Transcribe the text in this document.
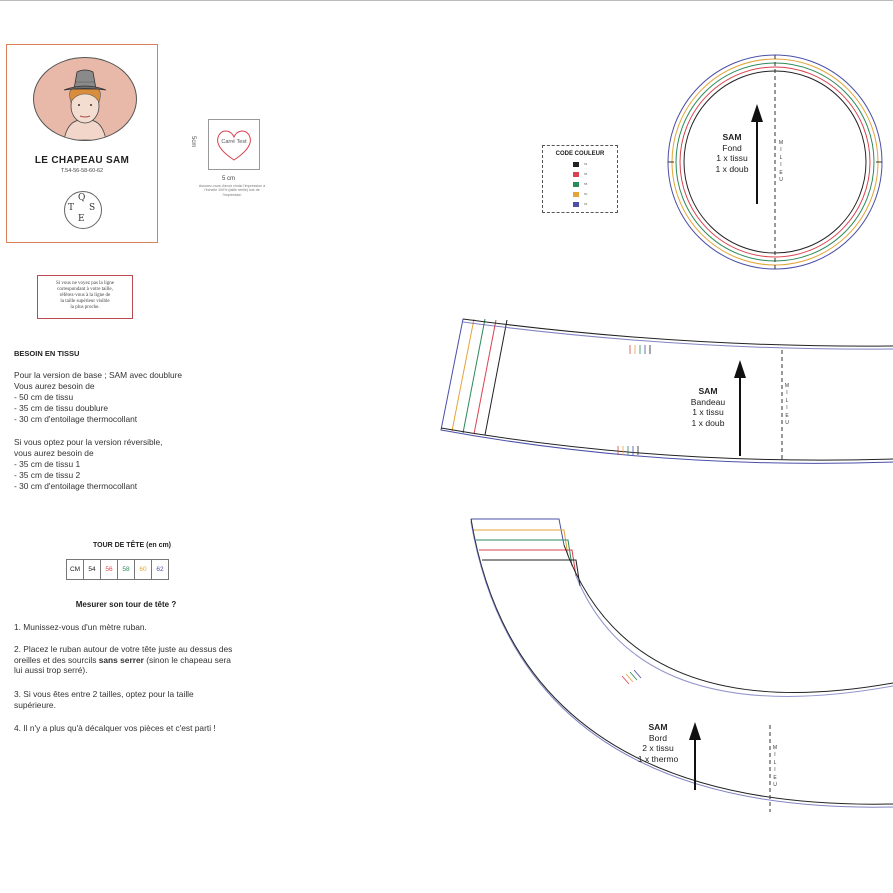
LE CHAPEAU SAM
T.54-56-58-60-62
Q
T S
E
Carré Test
5cm
5 cm
Assurez-vous d'avoir choisi l'impression à l'échelle 100% (taille réelle) lors de l'impression
Si vous ne voyez pas la ligne
correspondant à votre taille,
référez-vous à la ligne de
la taille supérieur visible
la plus proche.
CODE COULEUR
54
56
58
60
62
BESOIN EN TISSU
Pour la version de base ; SAM avec doublure
Vous aurez besoin de
- 50 cm de tissu
- 35 cm de tissu doublure
- 30 cm d'entoilage thermocollant
Si vous optez pour la version réversible,
vous aurez besoin de
- 35 cm de tissu 1
- 35 cm de tissu 2
- 30 cm d'entoilage thermocollant
TOUR DE TÊTE (en cm)
CM	54	56	58	60	62
Mesurer son tour de tête ?
1. Munissez-vous d'un mètre ruban.
2. Placez le ruban autour de votre tête juste au dessus des oreilles et des sourcils sans serrer (sinon le chapeau sera lui aussi trop serré).
3. Si vous êtes entre 2 tailles, optez pour la taille supérieure.
4. Il n'y a plus qu'à décalquer vos pièces et c'est parti !
SAM
Fond
1 x tissu
1 x doub
SAM
Bandeau
1 x tissu
1 x doub
SAM
Bord
2 x tissu
1 x thermo
M
I
L
I
E
U
M
I
L
I
E
U
M
I
L
I
E
U
